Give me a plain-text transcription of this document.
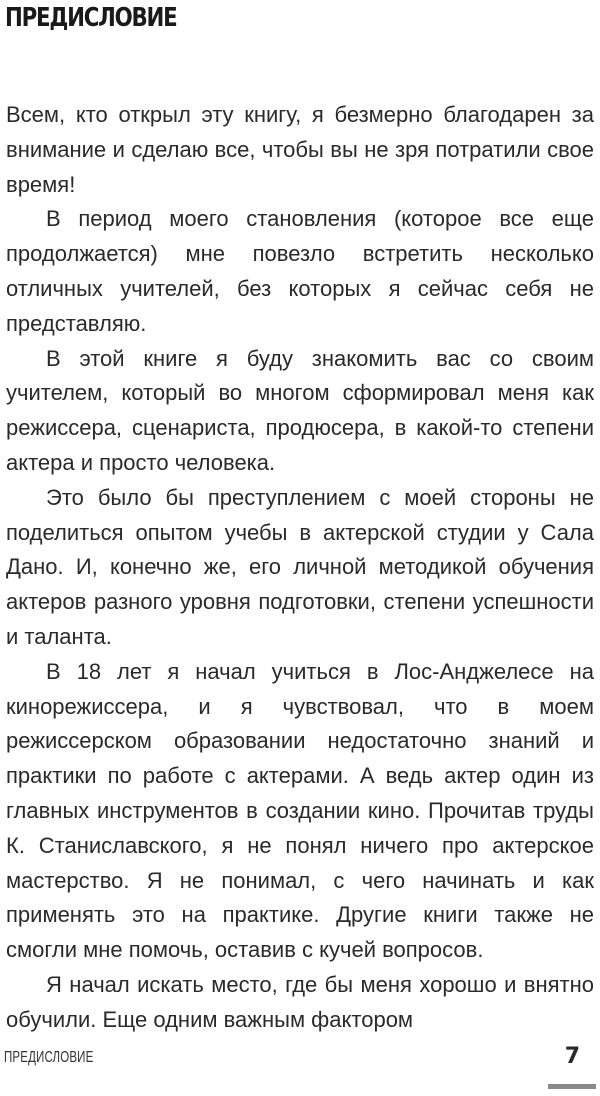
ПРЕДИСЛОВИЕ

Всем, кто открыл эту книгу, я безмерно благодарен за внимание и сделаю все, чтобы вы не зря потратили свое время!

В период моего становления (которое все еще продолжается) мне повезло встретить несколько отличных учителей, без которых я сейчас себя не представляю.

В этой книге я буду знакомить вас со своим учителем, который во многом сформировал меня как режиссера, сценариста, продюсера, в какой-то степени актера и просто человека.

Это было бы преступлением с моей стороны не поделиться опытом учебы в актерской студии у Сала Дано. И, конечно же, его личной методикой обучения актеров разного уровня подготовки, степени успешности и таланта.

В 18 лет я начал учиться в Лос-Анджелесе на кинорежиссера, и я чувствовал, что в моем режиссерском образовании недостаточно знаний и практики по работе с актерами. А ведь актер один из главных инструментов в создании кино. Прочитав труды К. Станиславского, я не понял ничего про актерское мастерство. Я не понимал, с чего начинать и как применять это на практике. Другие книги также не смогли мне помочь, оставив с кучей вопросов.

Я начал искать место, где бы меня хорошо и внятно обучили. Еще одним важным фактором

ПРЕДИСЛОВИЕ	7
